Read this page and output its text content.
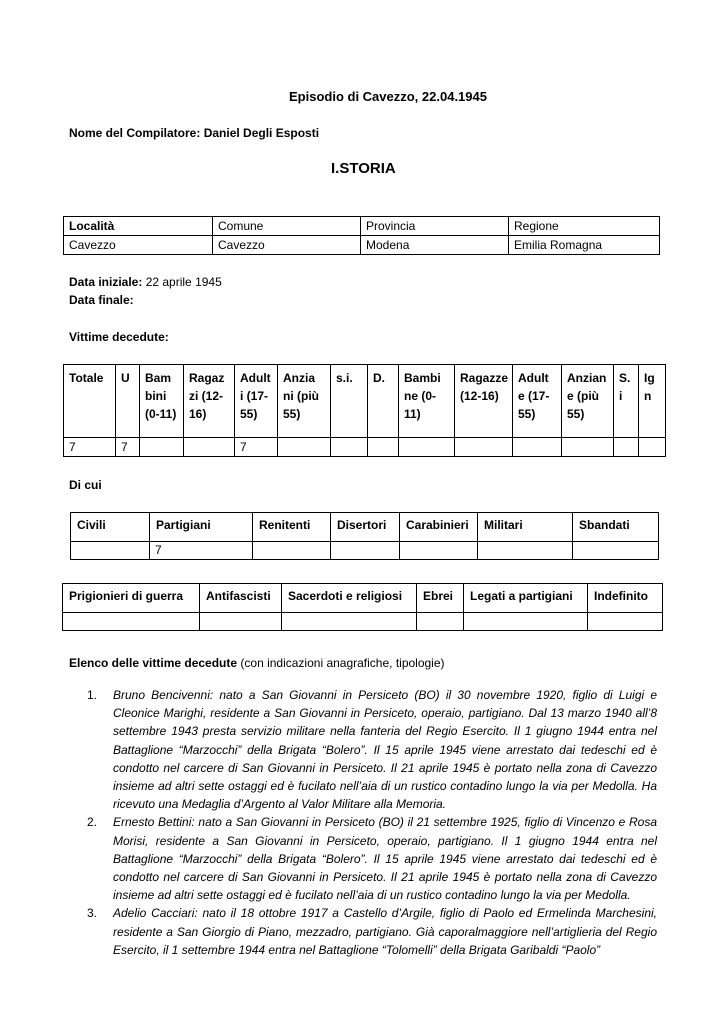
Episodio di Cavezzo, 22.04.1945
Nome del Compilatore: Daniel Degli Esposti
I.STORIA
Località	Comune	Provincia	Regione
Cavezzo	Cavezzo	Modena	Emilia Romagna
Data iniziale: 22 aprile 1945
Data finale:
Vittime decedute:
Totale	U	Bam bini (0-11)	Ragaz zi (12-16)	Adult i (17-55)	Anzia ni (più 55)	s.i.	D.	Bambi ne (0-11)	Ragazze (12-16)	Adult e (17-55)	Anzian e (più 55)	S. i	Ig n
7	7			7									
Di cui
Civili	Partigiani	Renitenti	Disertori	Carabinieri	Militari	Sbandati
	7					
Prigionieri di guerra	Antifascisti	Sacerdoti e religiosi	Ebrei	Legati a partigiani	Indefinito

Elenco delle vittime decedute (con indicazioni anagrafiche, tipologie)
1. Bruno Bencivenni: nato a San Giovanni in Persiceto (BO) il 30 novembre 1920, figlio di Luigi e Cleonice Marighi, residente a San Giovanni in Persiceto, operaio, partigiano. Dal 13 marzo 1940 all’8 settembre 1943 presta servizio militare nella fanteria del Regio Esercito. Il 1 giugno 1944 entra nel Battaglione “Marzocchi” della Brigata “Bolero”. Il 15 aprile 1945 viene arrestato dai tedeschi ed è condotto nel carcere di San Giovanni in Persiceto. Il 21 aprile 1945 è portato nella zona di Cavezzo insieme ad altri sette ostaggi ed è fucilato nell’aia di un rustico contadino lungo la via per Medolla. Ha ricevuto una Medaglia d’Argento al Valor Militare alla Memoria.
2. Ernesto Bettini: nato a San Giovanni in Persiceto (BO) il 21 settembre 1925, figlio di Vincenzo e Rosa Morisi, residente a San Giovanni in Persiceto, operaio, partigiano. Il 1 giugno 1944 entra nel Battaglione “Marzocchi” della Brigata “Bolero”. Il 15 aprile 1945 viene arrestato dai tedeschi ed è condotto nel carcere di San Giovanni in Persiceto. Il 21 aprile 1945 è portato nella zona di Cavezzo insieme ad altri sette ostaggi ed è fucilato nell’aia di un rustico contadino lungo la via per Medolla.
3. Adelio Cacciari: nato il 18 ottobre 1917 a Castello d’Argile, figlio di Paolo ed Ermelinda Marchesini, residente a San Giorgio di Piano, mezzadro, partigiano. Già caporalmaggiore nell’artiglieria del Regio Esercito, il 1 settembre 1944 entra nel Battaglione “Tolomelli” della Brigata Garibaldi “Paolo”
